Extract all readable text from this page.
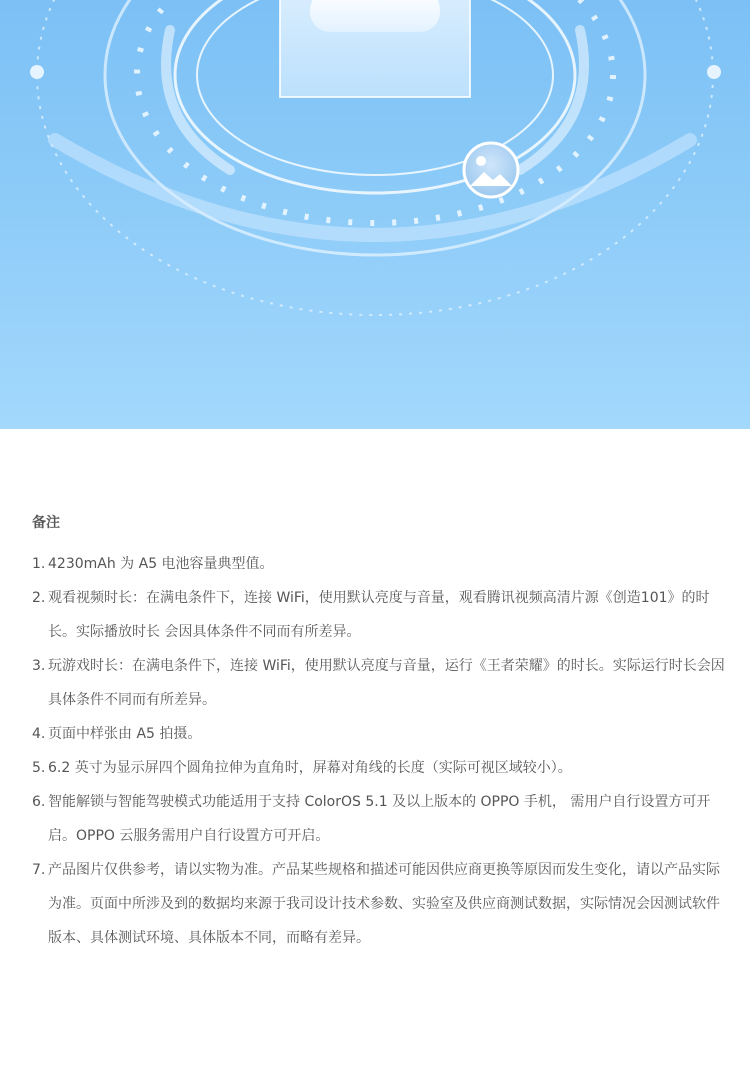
备注
1. 4230mAh 为 A5 电池容量典型值。
2. 观看视频时长：在满电条件下，连接 WiFi，使用默认亮度与音量，观看腾讯视频高清片源《创造101》的时长。实际播放时长 会因具体条件不同而有所差异。
3. 玩游戏时长：在满电条件下，连接 WiFi，使用默认亮度与音量，运行《王者荣耀》的时长。实际运行时长会因具体条件不同而有所差异。
4. 页面中样张由 A5 拍摄。
5. 6.2 英寸为显示屏四个圆角拉伸为直角时，屏幕对角线的长度（实际可视区域较小）。
6. 智能解锁与智能驾驶模式功能适用于支持 ColorOS 5.1 及以上版本的 OPPO 手机， 需用户自行设置方可开启。OPPO 云服务需用户自行设置方可开启。
7. 产品图片仅供参考，请以实物为准。产品某些规格和描述可能因供应商更换等原因而发生变化，请以产品实际为准。页面中所涉及到的数据均来源于我司设计技术参数、实验室及供应商测试数据，实际情况会因测试软件版本、具体测试环境、具体版本不同，而略有差异。
